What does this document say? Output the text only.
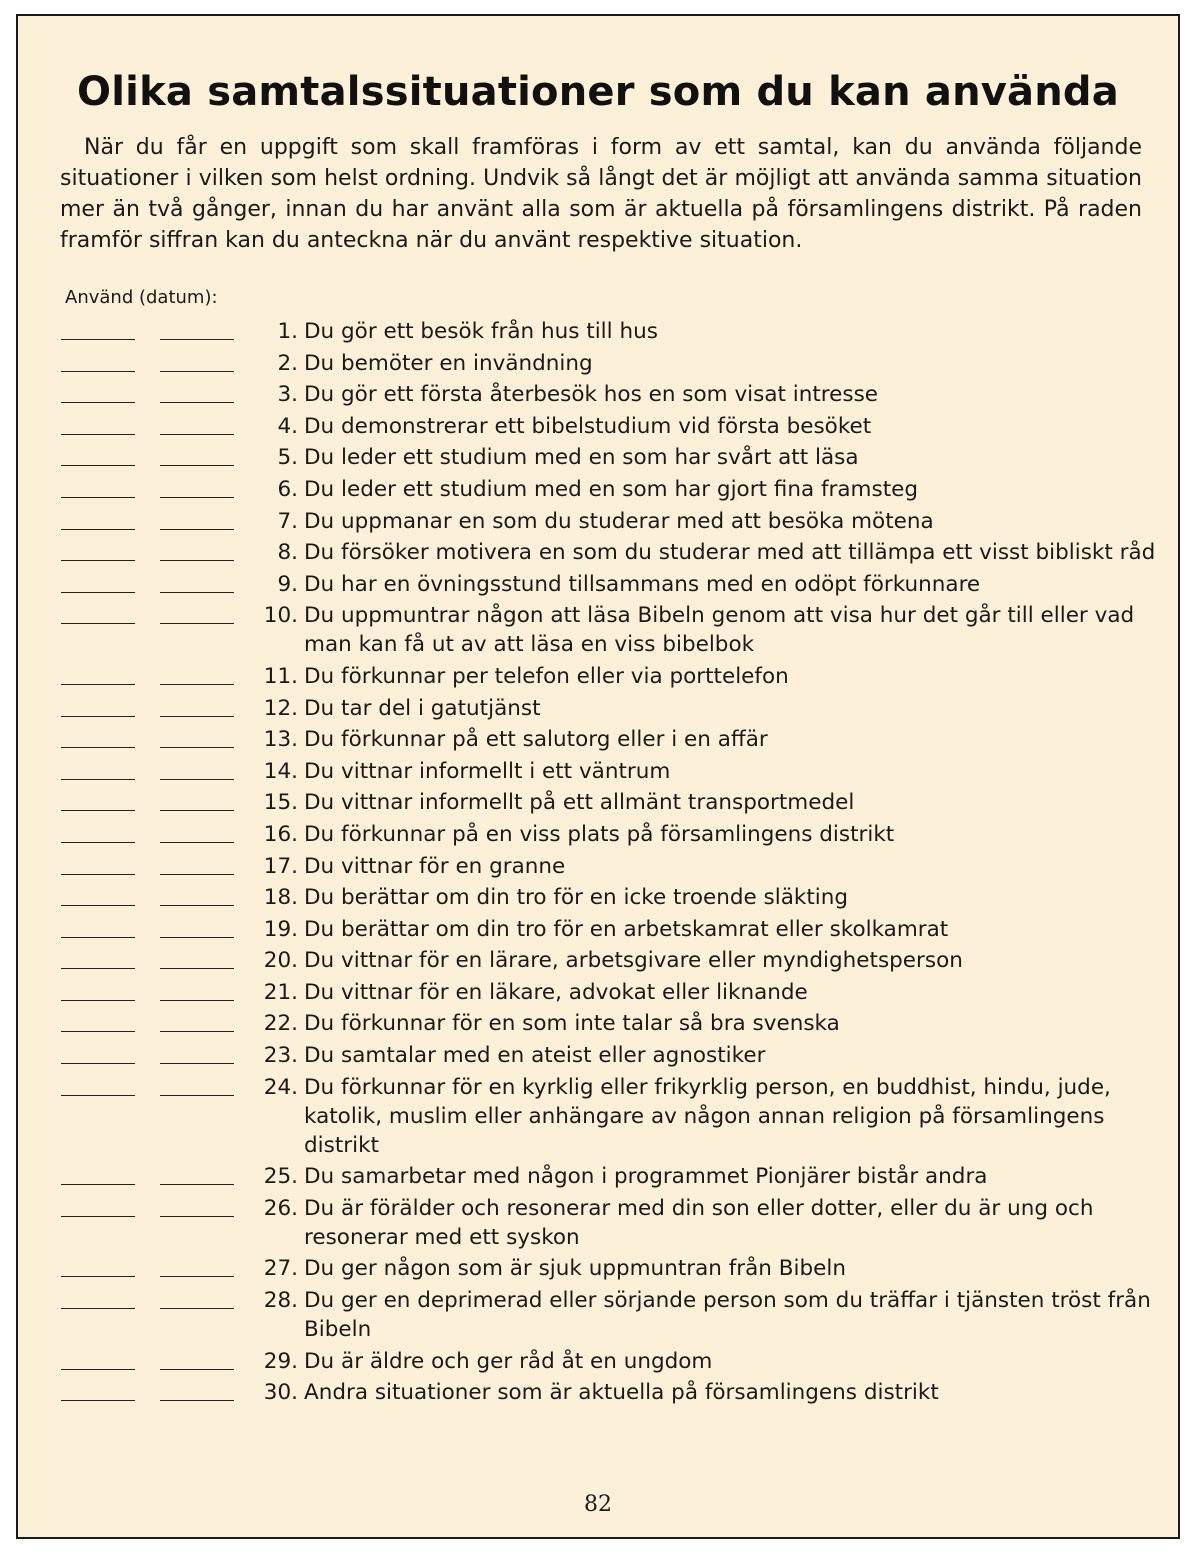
Olika samtalssituationer som du kan använda

När du får en uppgift som skall framföras i form av ett samtal, kan du använda följande situationer i vilken som helst ordning. Undvik så långt det är möjligt att använda samma situation mer än två gånger, innan du har använt alla som är aktuella på församlingens distrikt. På raden framför siffran kan du anteckna när du använt respektive situation.

Använd (datum):
1. Du gör ett besök från hus till hus
2. Du bemöter en invändning
3. Du gör ett första återbesök hos en som visat intresse
4. Du demonstrerar ett bibelstudium vid första besöket
5. Du leder ett studium med en som har svårt att läsa
6. Du leder ett studium med en som har gjort fina framsteg
7. Du uppmanar en som du studerar med att besöka mötena
8. Du försöker motivera en som du studerar med att tillämpa ett visst bibliskt råd
9. Du har en övningsstund tillsammans med en odöpt förkunnare
10. Du uppmuntrar någon att läsa Bibeln genom att visa hur det går till eller vad man kan få ut av att läsa en viss bibelbok
11. Du förkunnar per telefon eller via porttelefon
12. Du tar del i gatutjänst
13. Du förkunnar på ett salutorg eller i en affär
14. Du vittnar informellt i ett väntrum
15. Du vittnar informellt på ett allmänt transportmedel
16. Du förkunnar på en viss plats på församlingens distrikt
17. Du vittnar för en granne
18. Du berättar om din tro för en icke troende släkting
19. Du berättar om din tro för en arbetskamrat eller skolkamrat
20. Du vittnar för en lärare, arbetsgivare eller myndighetsperson
21. Du vittnar för en läkare, advokat eller liknande
22. Du förkunnar för en som inte talar så bra svenska
23. Du samtalar med en ateist eller agnostiker
24. Du förkunnar för en kyrklig eller frikyrklig person, en buddhist, hindu, jude, katolik, muslim eller anhängare av någon annan religion på församlingens distrikt
25. Du samarbetar med någon i programmet Pionjärer bistår andra
26. Du är förälder och resonerar med din son eller dotter, eller du är ung och resonerar med ett syskon
27. Du ger någon som är sjuk uppmuntran från Bibeln
28. Du ger en deprimerad eller sörjande person som du träffar i tjänsten tröst från Bibeln
29. Du är äldre och ger råd åt en ungdom
30. Andra situationer som är aktuella på församlingens distrikt
82
